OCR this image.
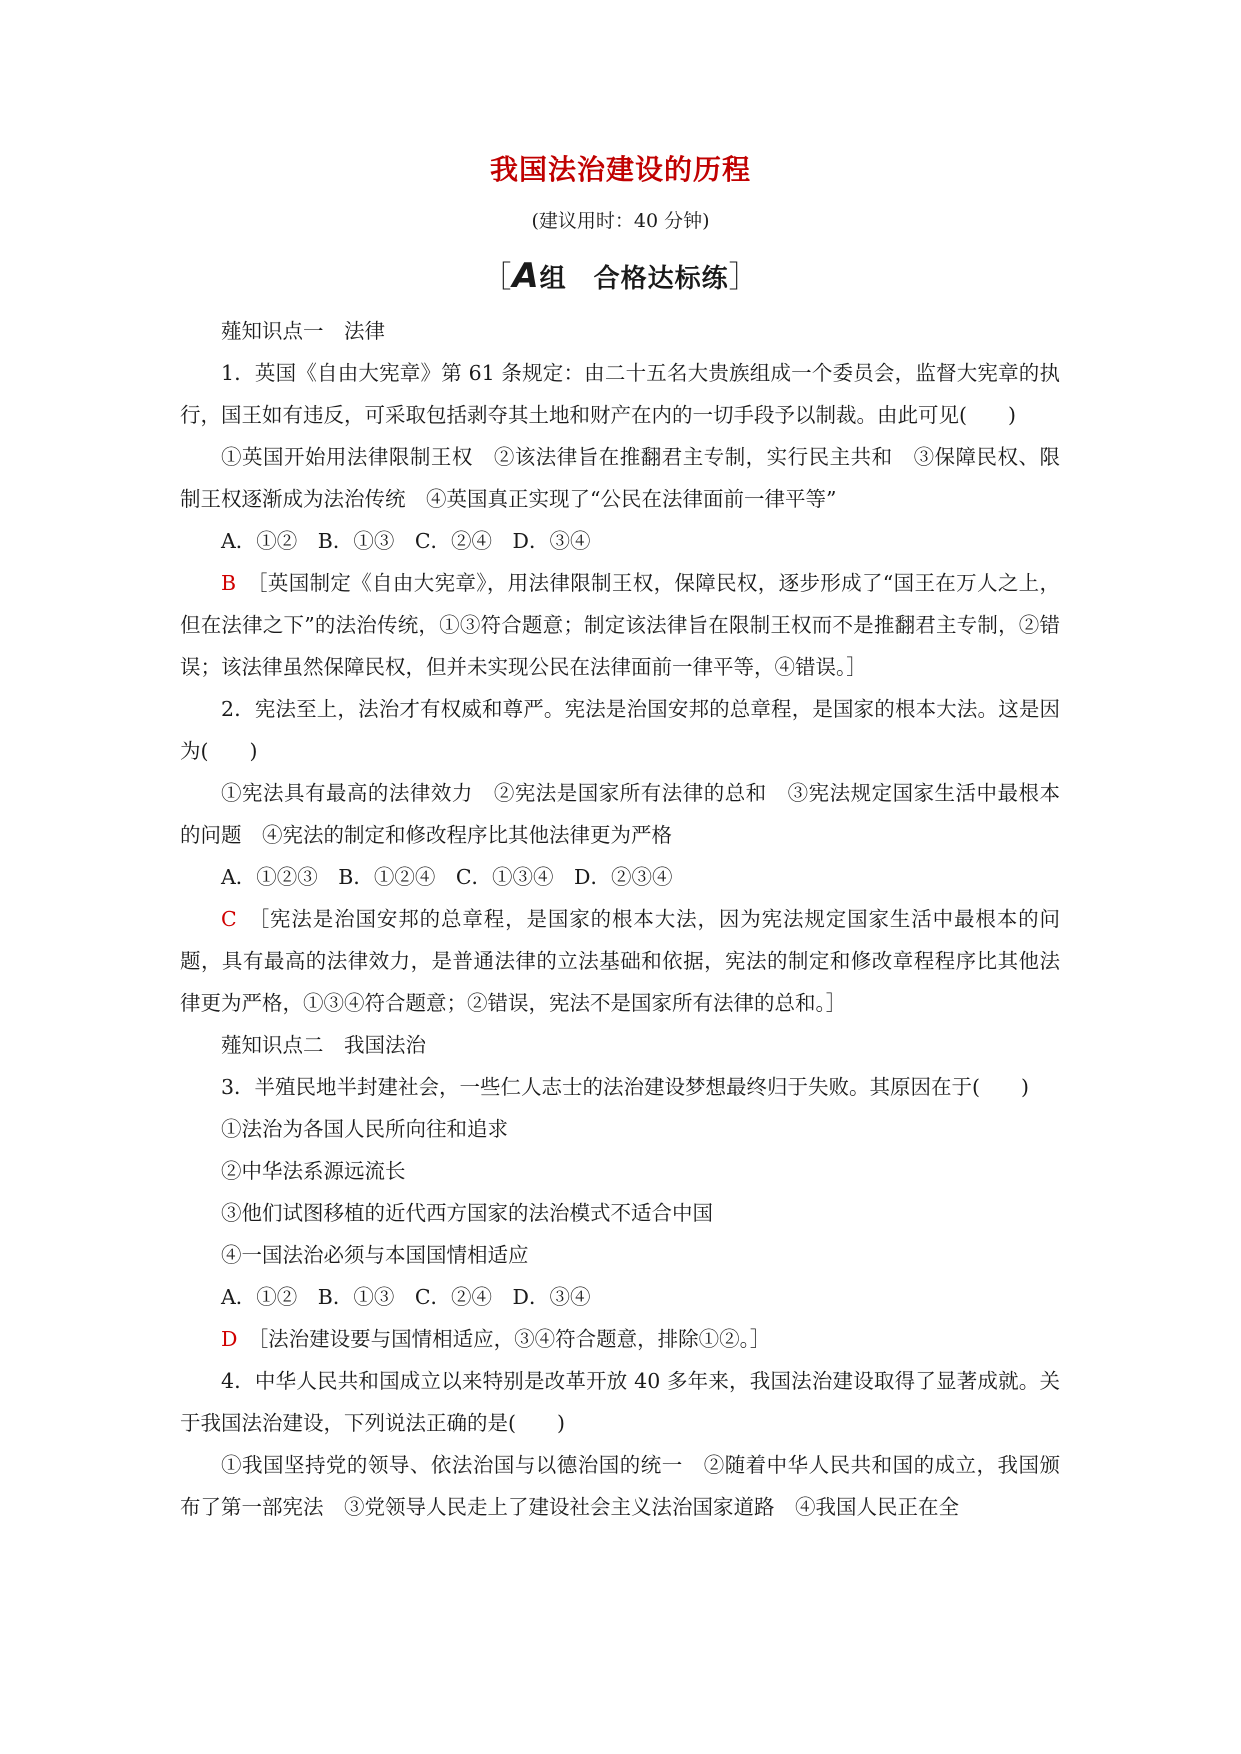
我国法治建设的历程
(建议用时：40 分钟)
［A组　合格达标练］

薤知识点一　法律

1．英国《自由大宪章》第 61 条规定：由二十五名大贵族组成一个委员会，监督大宪章的执行，国王如有违反，可采取包括剥夺其土地和财产在内的一切手段予以制裁。由此可见(　　)

①英国开始用法律限制王权　②该法律旨在推翻君主专制，实行民主共和　③保障民权、限制王权逐渐成为法治传统　④英国真正实现了“公民在法律面前一律平等”

A．①②　B．①③　C．②④　D．③④

B　 ［英国制定《自由大宪章》，用法律限制王权，保障民权，逐步形成了“国王在万人之上，但在法律之下”的法治传统，①③符合题意；制定该法律旨在限制王权而不是推翻君主专制，②错误；该法律虽然保障民权，但并未实现公民在法律面前一律平等，④错误。］

2．宪法至上，法治才有权威和尊严。宪法是治国安邦的总章程，是国家的根本大法。这是因为(　　)

①宪法具有最高的法律效力　②宪法是国家所有法律的总和　③宪法规定国家生活中最根本的问题　④宪法的制定和修改程序比其他法律更为严格

A．①②③　B．①②④　C．①③④　D．②③④

C　 ［宪法是治国安邦的总章程，是国家的根本大法，因为宪法规定国家生活中最根本的问题，具有最高的法律效力，是普通法律的立法基础和依据，宪法的制定和修改章程程序比其他法律更为严格，①③④符合题意；②错误，宪法不是国家所有法律的总和。］

薤知识点二　我国法治

3．半殖民地半封建社会，一些仁人志士的法治建设梦想最终归于失败。其原因在于(　　)

①法治为各国人民所向往和追求

②中华法系源远流长

③他们试图移植的近代西方国家的法治模式不适合中国

④一国法治必须与本国国情相适应

A．①②　B．①③　C．②④　D．③④

D　 ［法治建设要与国情相适应，③④符合题意，排除①②。］

4．中华人民共和国成立以来特别是改革开放 40 多年来，我国法治建设取得了显著成就。关于我国法治建设，下列说法正确的是(　　)

①我国坚持党的领导、依法治国与以德治国的统一　②随着中华人民共和国的成立，我国颁布了第一部宪法　③党领导人民走上了建设社会主义法治国家道路　④我国人民正在全
